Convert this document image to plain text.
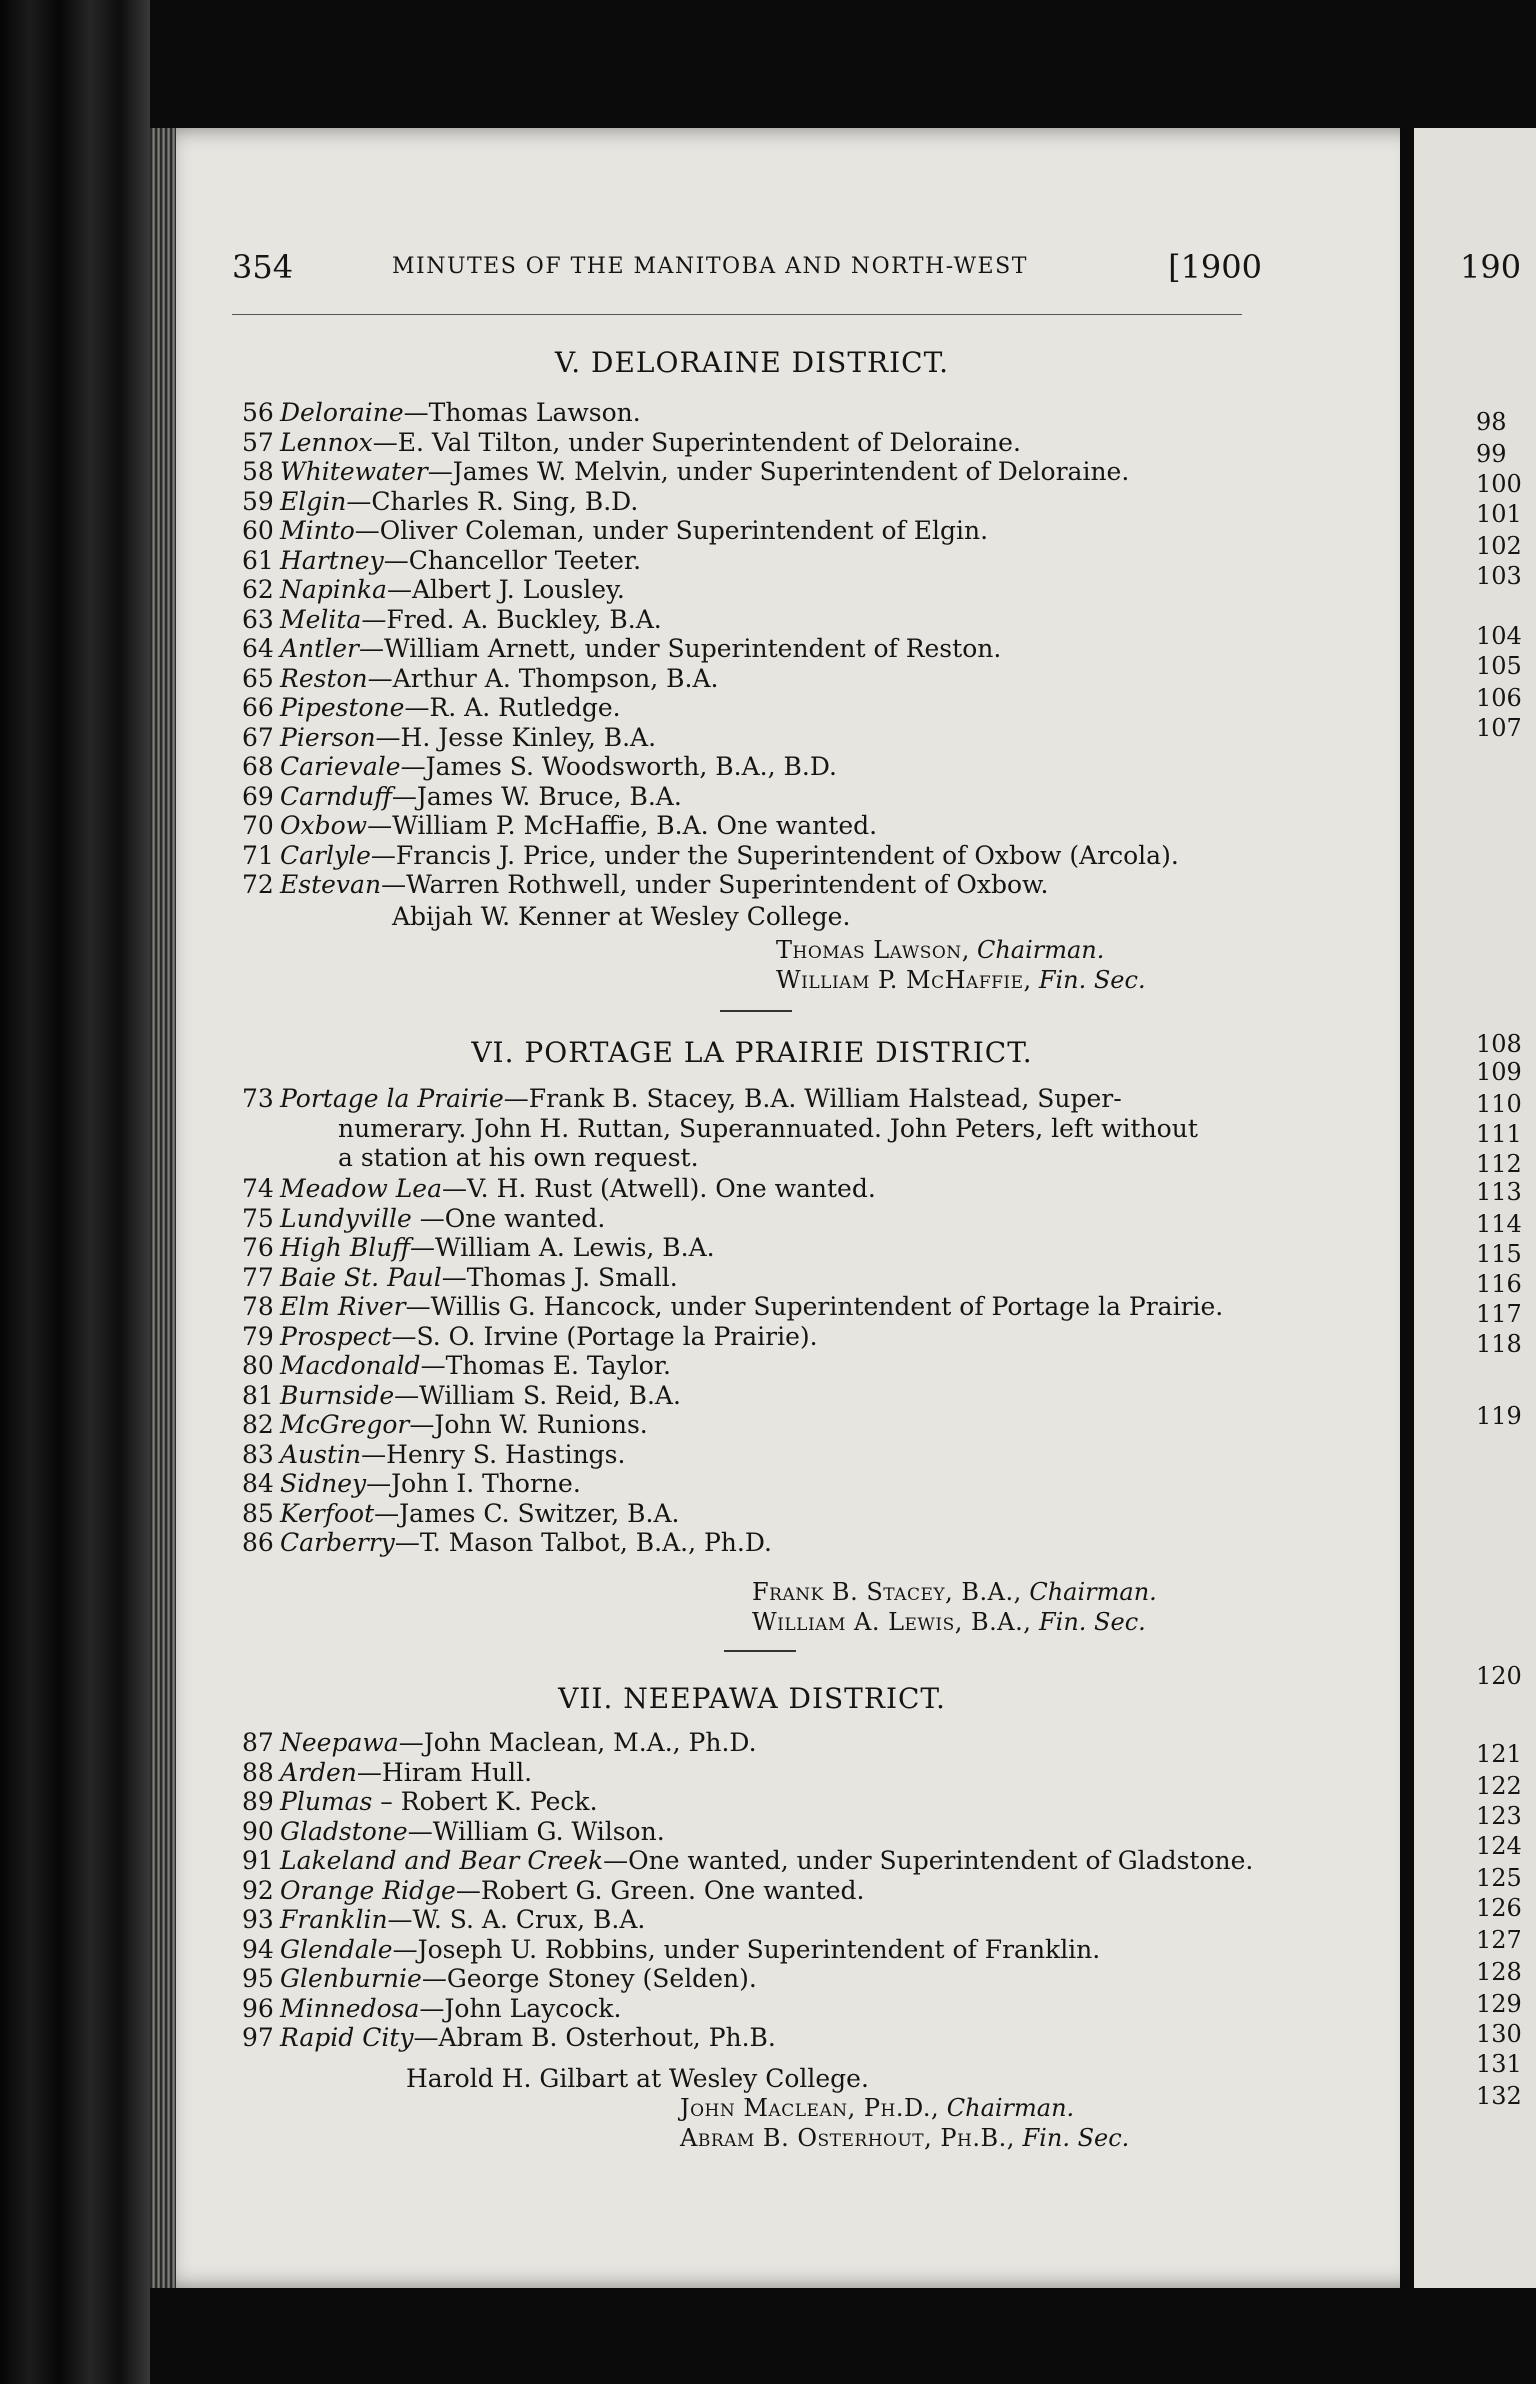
190
354	MINUTES OF THE MANITOBA AND NORTH-WEST	[1900
V. DELORAINE DISTRICT.
56 Deloraine—Thomas Lawson.
57 Lennox—E. Val Tilton, under Superintendent of Deloraine.
58 Whitewater—James W. Melvin, under Superintendent of Deloraine.
59 Elgin—Charles R. Sing, B.D.
60 Minto—Oliver Coleman, under Superintendent of Elgin.
61 Hartney—Chancellor Teeter.
62 Napinka—Albert J. Lousley.
63 Melita—Fred. A. Buckley, B.A.
64 Antler—William Arnett, under Superintendent of Reston.
65 Reston—Arthur A. Thompson, B.A.
66 Pipestone—R. A. Rutledge.
67 Pierson—H. Jesse Kinley, B.A.
68 Carievale—James S. Woodsworth, B.A., B.D.
69 Carnduff—James W. Bruce, B.A.
70 Oxbow—William P. McHaffie, B.A. One wanted.
71 Carlyle—Francis J. Price, under the Superintendent of Oxbow (Arcola).
72 Estevan—Warren Rothwell, under Superintendent of Oxbow.
Abijah W. Kenner at Wesley College.
Thomas Lawson, Chairman.
William P. McHaffie, Fin. Sec.
VI. PORTAGE LA PRAIRIE DISTRICT.
73 Portage la Prairie—Frank B. Stacey, B.A. William Halstead, Super-
numerary. John H. Ruttan, Superannuated. John Peters, left without
a station at his own request.
74 Meadow Lea—V. H. Rust (Atwell). One wanted.
75 Lundyville —One wanted.
76 High Bluff—William A. Lewis, B.A.
77 Baie St. Paul—Thomas J. Small.
78 Elm River—Willis G. Hancock, under Superintendent of Portage la Prairie.
79 Prospect—S. O. Irvine (Portage la Prairie).
80 Macdonald—Thomas E. Taylor.
81 Burnside—William S. Reid, B.A.
82 McGregor—John W. Runions.
83 Austin—Henry S. Hastings.
84 Sidney—John I. Thorne.
85 Kerfoot—James C. Switzer, B.A.
86 Carberry—T. Mason Talbot, B.A., Ph.D.
Frank B. Stacey, B.A., Chairman.
William A. Lewis, B.A., Fin. Sec.
VII. NEEPAWA DISTRICT.
87 Neepawa—John Maclean, M.A., Ph.D.
88 Arden—Hiram Hull.
89 Plumas – Robert K. Peck.
90 Gladstone—William G. Wilson.
91 Lakeland and Bear Creek—One wanted, under Superintendent of Gladstone.
92 Orange Ridge—Robert G. Green. One wanted.
93 Franklin—W. S. A. Crux, B.A.
94 Glendale—Joseph U. Robbins, under Superintendent of Franklin.
95 Glenburnie—George Stoney (Selden).
96 Minnedosa—John Laycock.
97 Rapid City—Abram B. Osterhout, Ph.B.
Harold H. Gilbart at Wesley College.
John Maclean, Ph.D., Chairman.
Abram B. Osterhout, Ph.B., Fin. Sec.
98
99
100
101
102
103
104
105
106
107
108
109
110
111
112
113
114
115
116
117
118
119
120
121
122
123
124
125
126
127
128
129
130
131
132
